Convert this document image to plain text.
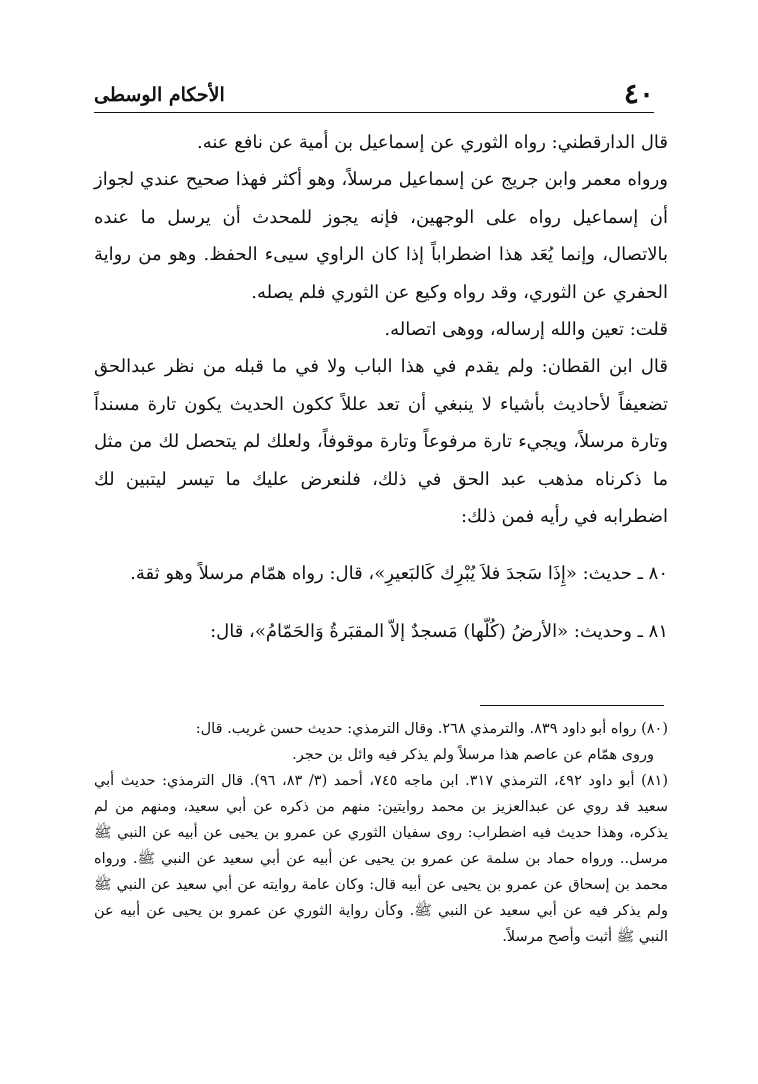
٤٠
الأحكام الوسطى

قال الدارقطني: رواه الثوري عن إسماعيل بن أمية عن نافع عنه.

ورواه معمر وابن جريج عن إسماعيل مرسلاً، وهو أكثر فهذا صحيح عندي لجواز أن إسماعيل رواه على الوجهين، فإنه يجوز للمحدث أن يرسل ما عنده بالاتصال، وإنما يُعَد هذا اضطراباً إذا كان الراوي سيىء الحفظ. وهو من رواية الحفري عن الثوري، وقد رواه وكيع عن الثوري فلم يصله.

قلت: تعين والله إرساله، ووهى اتصاله.

قال ابن القطان: ولم يقدم في هذا الباب ولا في ما قبله من نظر عبدالحق تضعيفاً لأحاديث بأشياء لا ينبغي أن تعد عللاً ككون الحديث يكون تارة مسنداً وتارة مرسلاً، ويجيء تارة مرفوعاً وتارة موقوفاً، ولعلك لم يتحصل لك من مثل ما ذكرناه مذهب عبد الحق في ذلك، فلنعرض عليك ما تيسر ليتبين لك اضطرابه في رأيه فمن ذلك:

٨٠ ـ حديث: «إِذَا سَجدَ فلاَ يُبْرِك كَالبَعيرِ»، قال: رواه همّام مرسلاً وهو ثقة.

٨١ ـ وحديث: «الأرضُ (كُلّها) مَسجدٌ إلاّ المقبَرةُ وَالحَمّامُ»، قال:

(٨٠) رواه أبو داود ٨٣٩. والترمذي ٢٦٨. وقال الترمذي: حديث حسن غريب. قال:

وروى همّام عن عاصم هذا مرسلاً ولم يذكر فيه وائل بن حجر.

(٨١) أبو داود ٤٩٢، الترمذي ٣١٧. ابن ماجه ٧٤٥، أحمد (٣/ ٨٣، ٩٦). قال الترمذي: حديث أبي سعيد قد روي عن عبدالعزيز بن محمد روايتين: منهم من ذكره عن أبي سعيد، ومنهم من لم يذكره، وهذا حديث فيه اضطراب: روى سفيان الثوري عن عمرو بن يحيى عن أبيه عن النبي ﷺ مرسل.. ورواه حماد بن سلمة عن عمرو بن يحيى عن أبيه عن أبي سعيد عن النبي ﷺ. ورواه محمد بن إسحاق عن عمرو بن يحيى عن أبيه قال: وكان عامة روايته عن أبي سعيد عن النبي ﷺ ولم يذكر فيه عن أبي سعيد عن النبي ﷺ. وكأن رواية الثوري عن عمرو بن يحيى عن أبيه عن النبي ﷺ أثبت وأصح مرسلاً.
